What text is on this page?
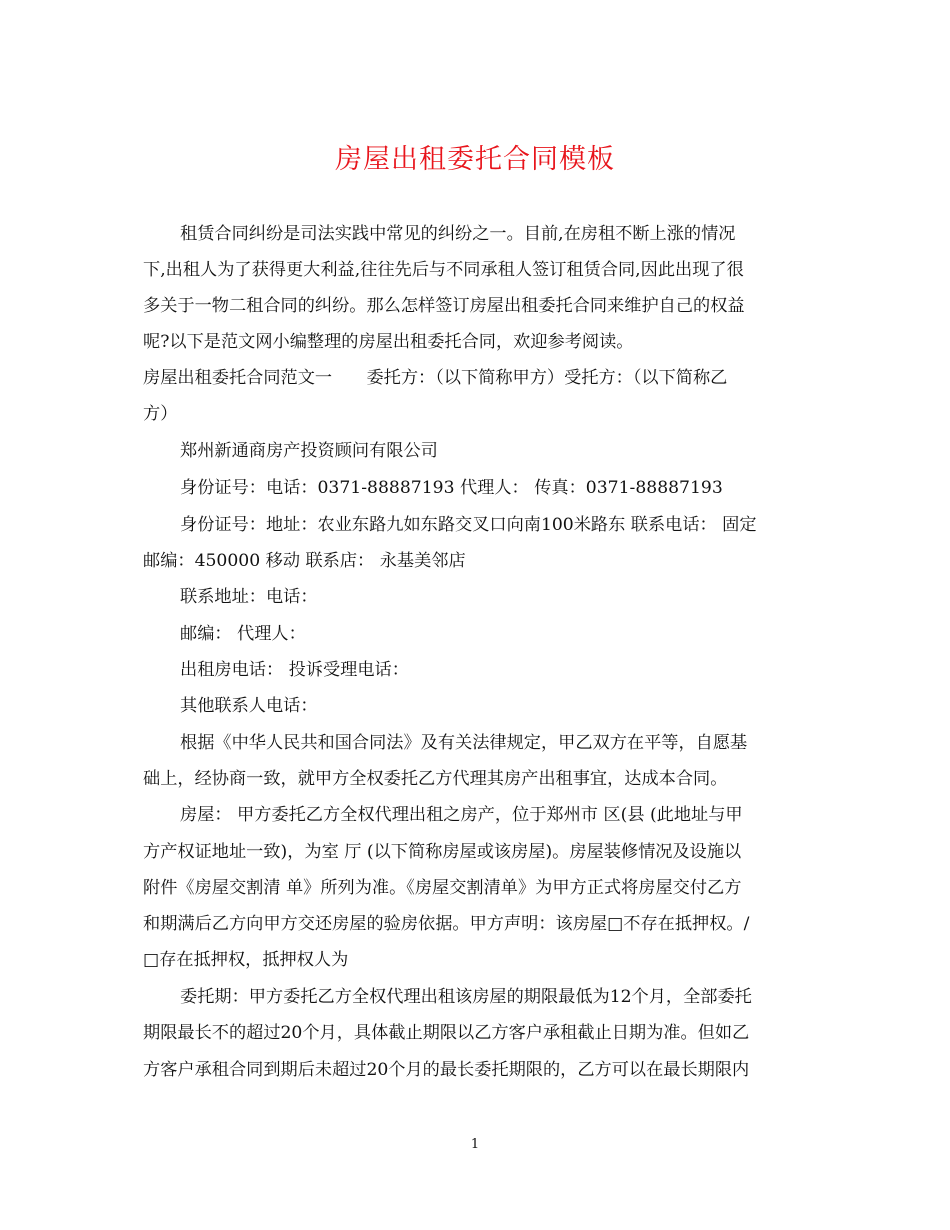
房屋出租委托合同模板
租赁合同纠纷是司法实践中常见的纠纷之一。目前,在房租不断上涨的情况
下,出租人为了获得更大利益,往往先后与不同承租人签订租赁合同,因此出现了很
多关于一物二租合同的纠纷。那么怎样签订房屋出租委托合同来维护自己的权益
呢?以下是范文网小编整理的房屋出租委托合同，欢迎参考阅读。
房屋出租委托合同范文一　　委托方：（以下简称甲方）受托方：（以下简称乙
方）
郑州新通商房产投资顾问有限公司
身份证号：电话：0371-88887193 代理人： 传真：0371-88887193
身份证号：地址：农业东路九如东路交叉口向南100米路东 联系电话： 固定
邮编：450000 移动 联系店： 永基美邻店
联系地址：电话：
邮编： 代理人：
出租房电话： 投诉受理电话：
其他联系人电话：
根据《中华人民共和国合同法》及有关法律规定，甲乙双方在平等，自愿基
础上，经协商一致，就甲方全权委托乙方代理其房产出租事宜，达成本合同。
房屋： 甲方委托乙方全权代理出租之房产，位于郑州市 区(县 (此地址与甲
方产权证地址一致)，为室 厅 (以下简称房屋或该房屋)。房屋装修情况及设施以
附件《房屋交割清 单》所列为准。《房屋交割清单》为甲方正式将房屋交付乙方
和期满后乙方向甲方交还房屋的验房依据。甲方声明：该房屋□不存在抵押权。/
□存在抵押权，抵押权人为
委托期：甲方委托乙方全权代理出租该房屋的期限最低为12个月，全部委托
期限最长不的超过20个月，具体截止期限以乙方客户承租截止日期为准。但如乙
方客户承租合同到期后未超过20个月的最长委托期限的，乙方可以在最长期限内
1
